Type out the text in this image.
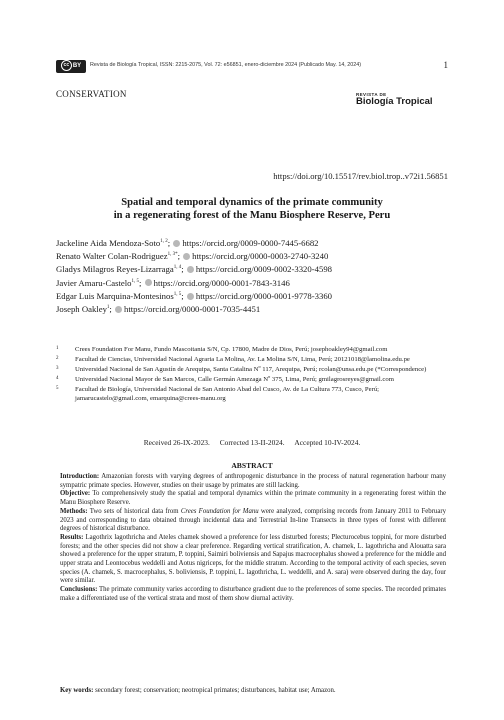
cc BY	Revista de Biología Tropical, ISSN: 2215-2075, Vol. 72: e56851, enero-diciembre 2024 (Publicado May. 14, 2024)	1
CONSERVATION	REVISTA DE
Biología Tropical
https://doi.org/10.15517/rev.biol.trop..v72i1.56851
Spatial and temporal dynamics of the primate community
in a regenerating forest of the Manu Biosphere Reserve, Peru
Jackeline Aida Mendoza-Soto$^{1, 2}$; https://orcid.org/0009-0000-7445-6682
Renato Walter Colan-Rodriguez$^{1, 3*}$; https://orcid.org/0000-0003-2740-3240
Gladys Milagros Reyes-Lizarraga$^{1, 4}$; https://orcid.org/0009-0002-3320-4598
Javier Amaru-Castelo$^{1, 5}$; https://orcid.org/0000-0001-7843-3146
Edgar Luis Marquina-Montesinos$^{1, 5}$; https://orcid.org/0000-0001-9778-3360
Joseph Oakley$^1$; https://orcid.org/0000-0001-7035-4451
1 Crees Foundation For Manu, Fundo Mascoitania S/N, Cp. 17800, Madre de Dios, Perú; josephoakley94@gmail.com
2 Facultad de Ciencias, Universidad Nacional Agraria La Molina, Av. La Molina S/N, Lima, Perú; 20121018@lamolina.edu.pe
3 Universidad Nacional de San Agustín de Arequipa, Santa Catalina Nº 117, Arequipa, Perú; rcolan@unsa.edu.pe (*Correspondence)
4 Universidad Nacional Mayor de San Marcos, Calle Germán Amezaga Nº 375, Lima, Perú; gmilagrosreyes@gmail.com
5 Facultad de Biología, Universidad Nacional de San Antonio Abad del Cusco, Av. de La Cultura 773, Cusco, Perú; jamarucastelo@gmail.com, emarquina@crees-manu.org
Received 26-IX-2023. Corrected 13-II-2024. Accepted 10-IV-2024.
ABSTRACT

Introduction: Amazonian forests with varying degrees of anthropogenic disturbance in the process of natural regeneration harbour many sympatric primate species. However, studies on their usage by primates are still lacking.

Objective: To comprehensively study the spatial and temporal dynamics within the primate community in a regenerating forest within the Manu Biosphere Reserve.

Methods: Two sets of historical data from Crees Foundation for Manu were analyzed, comprising records from January 2011 to February 2023 and corresponding to data obtained through incidental data and Terrestrial In-line Transects in three types of forest with different degrees of historical disturbance.

Results: Lagothrix lagothricha and Ateles chamek showed a preference for less disturbed forests; Plecturocebus toppini, for more disturbed forests; and the other species did not show a clear preference. Regarding vertical stratification, A. chamek, L. lagothricha and Alouatta sara showed a preference for the upper stratum, P. toppini, Saimiri boliviensis and Sapajus macrocephalus showed a preference for the middle and upper strata and Leontocebus weddelli and Aotus nigriceps, for the middle stratum. According to the temporal activity of each species, seven species (A. chamek, S. macrocephalus, S. boliviensis, P. toppini, L. lagothricha, L. weddelli, and A. sara) were observed during the day, four were similar.

Conclusions: The primate community varies according to disturbance gradient due to the preferences of some species. The recorded primates make a differentiated use of the vertical strata and most of them show diurnal activity.

Key words: secondary forest; conservation; neotropical primates; disturbances, habitat use; Amazon.
